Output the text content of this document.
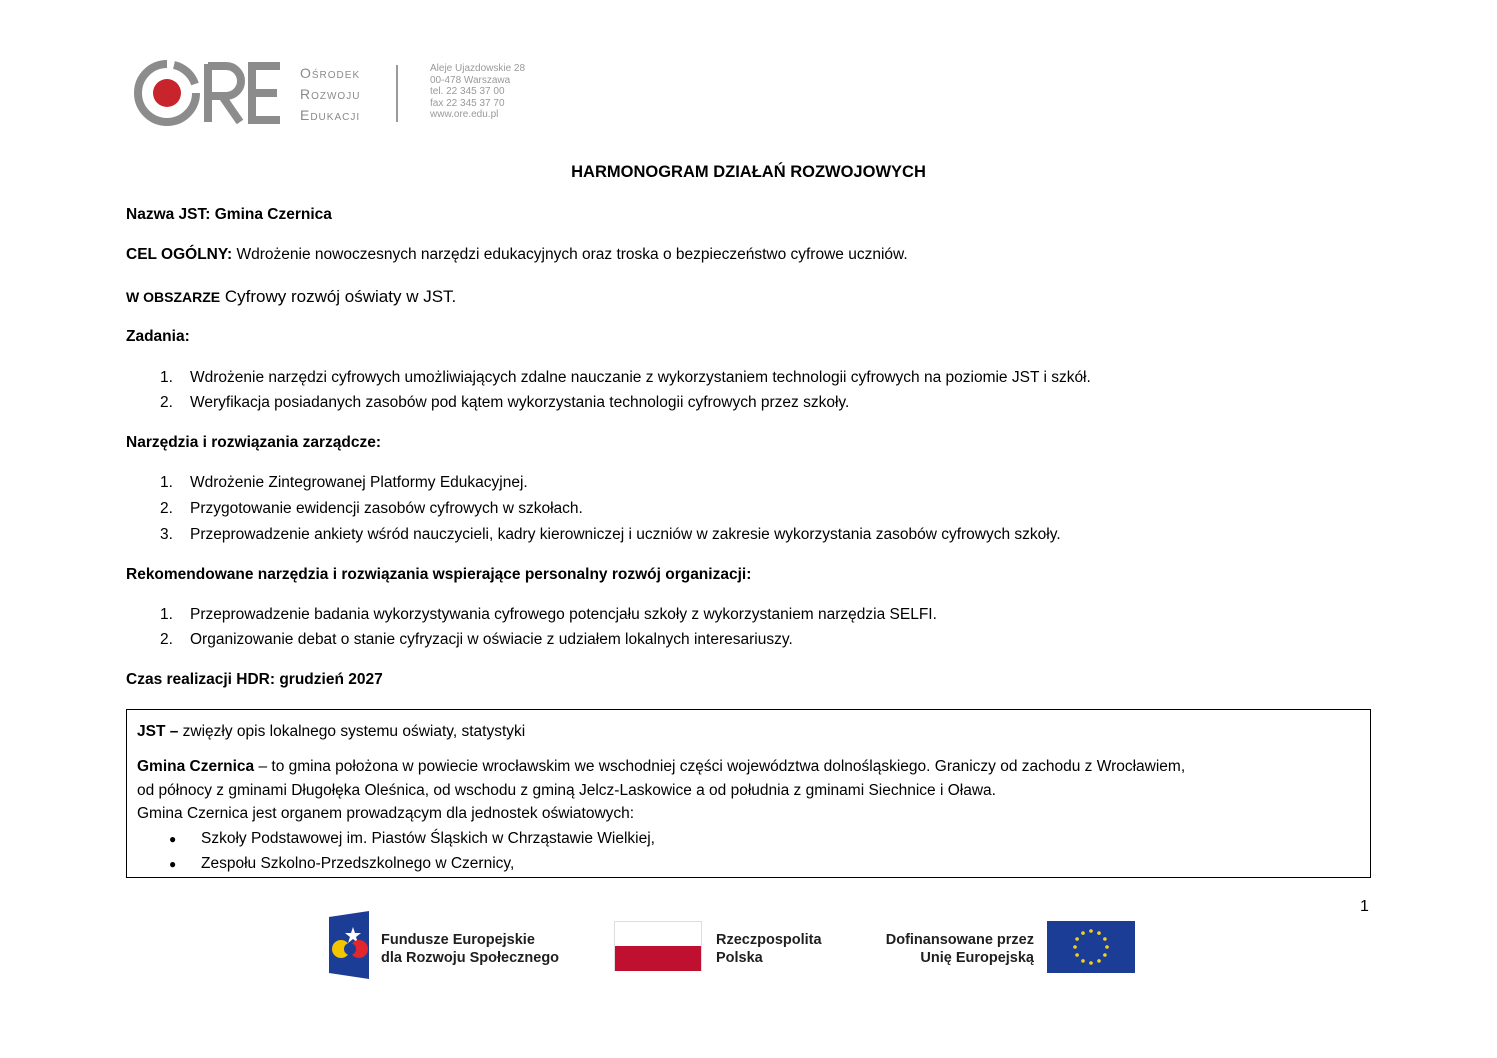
Ośrodek
Rozwoju
Edukacji
Aleje Ujazdowskie 28
00-478 Warszawa
tel. 22 345 37 00
fax 22 345 37 70
www.ore.edu.pl
HARMONOGRAM DZIAŁAŃ ROZWOJOWYCH
Nazwa JST: Gmina Czernica
CEL OGÓLNY: Wdrożenie nowoczesnych narzędzi edukacyjnych oraz troska o bezpieczeństwo cyfrowe uczniów.
W OBSZARZE Cyfrowy rozwój oświaty w JST.
Zadania:
1. Wdrożenie narzędzi cyfrowych umożliwiających zdalne nauczanie z wykorzystaniem technologii cyfrowych na poziomie JST i szkół.
2. Weryfikacja posiadanych zasobów pod kątem wykorzystania technologii cyfrowych przez szkoły.
Narzędzia i rozwiązania zarządcze:
1. Wdrożenie Zintegrowanej Platformy Edukacyjnej.
2. Przygotowanie ewidencji zasobów cyfrowych w szkołach.
3. Przeprowadzenie ankiety wśród nauczycieli, kadry kierowniczej i uczniów w zakresie wykorzystania zasobów cyfrowych szkoły.
Rekomendowane narzędzia i rozwiązania wspierające personalny rozwój organizacji:
1. Przeprowadzenie badania wykorzystywania cyfrowego potencjału szkoły z wykorzystaniem narzędzia SELFI.
2. Organizowanie debat o stanie cyfryzacji w oświacie z udziałem lokalnych interesariuszy.
Czas realizacji HDR: grudzień 2027
JST – zwięzły opis lokalnego systemu oświaty, statystyki
Gmina Czernica – to gmina położona w powiecie wrocławskim we wschodniej części województwa dolnośląskiego. Graniczy od zachodu z Wrocławiem,
od północy z gminami Długołęka Oleśnica, od wschodu z gminą Jelcz-Laskowice a od południa z gminami Siechnice i Oława.
Gmina Czernica jest organem prowadzącym dla jednostek oświatowych:
● Szkoły Podstawowej im. Piastów Śląskich w Chrząstawie Wielkiej,
● Zespołu Szkolno-Przedszkolnego w Czernicy,
1
Fundusze Europejskie
dla Rozwoju Społecznego
Rzeczpospolita
Polska
Dofinansowane przez
Unię Europejską
